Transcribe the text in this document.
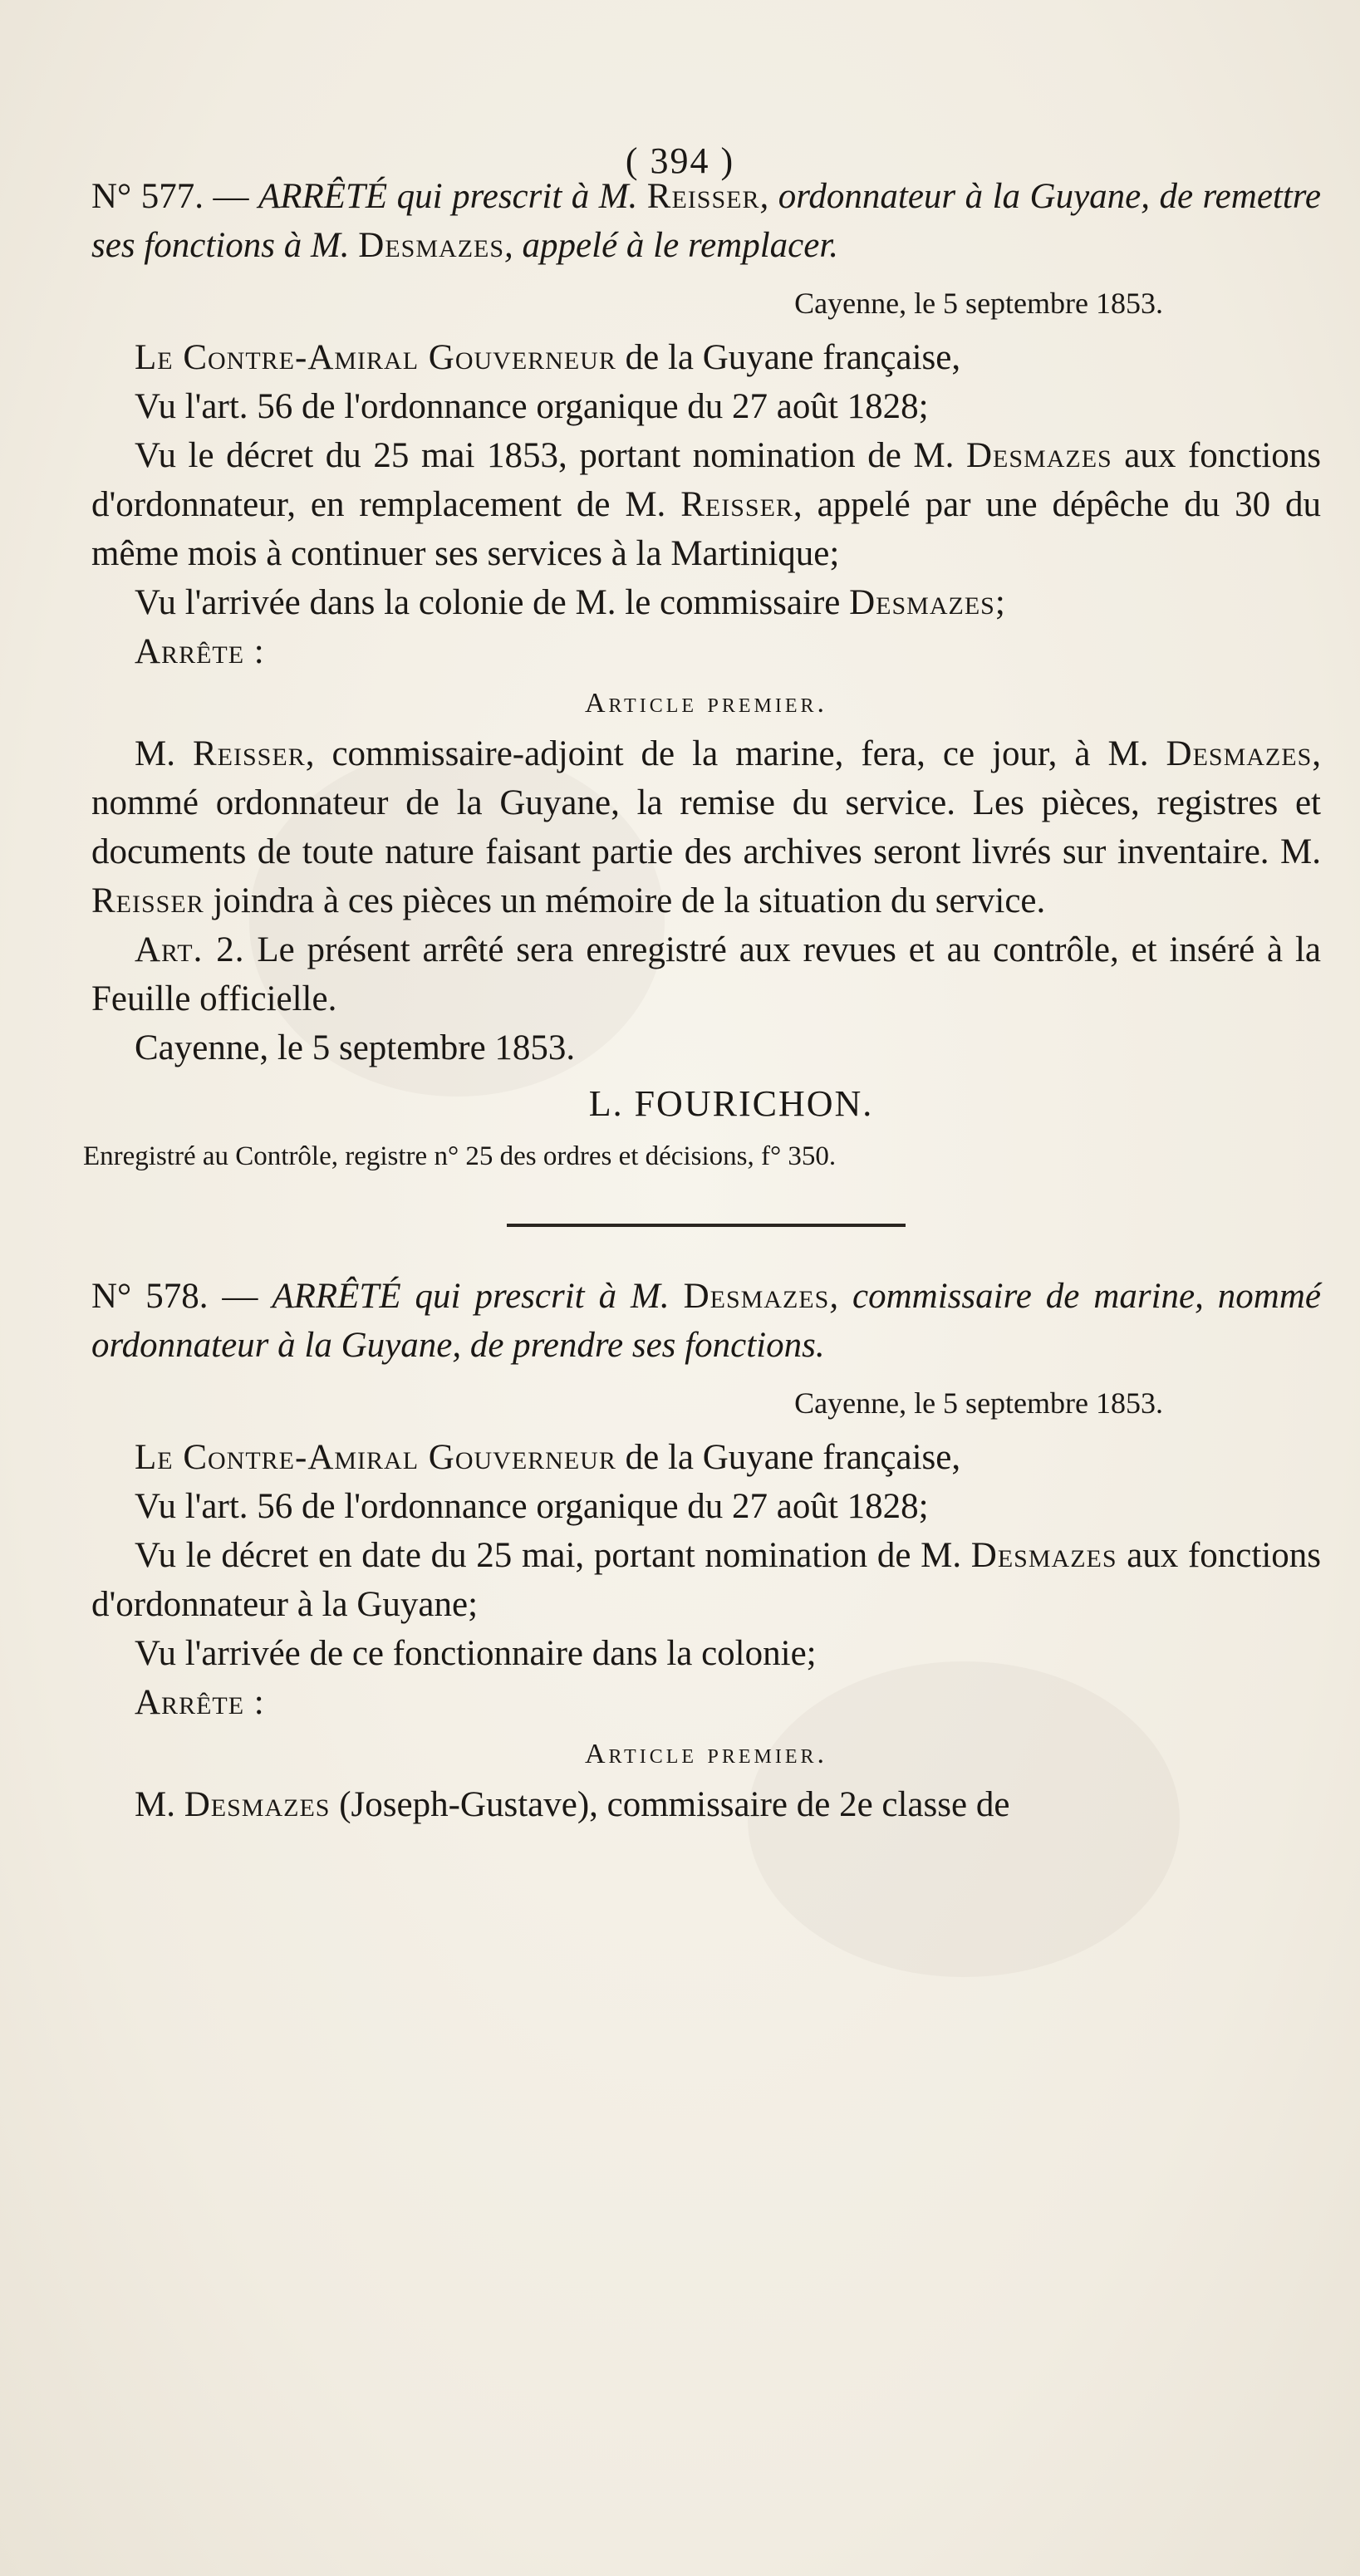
( 394 )

N° 577. — ARRÊTÉ qui prescrit à M. Reisser, ordonnateur à la Guyane, de remettre ses fonctions à M. Desmazes, appelé à le remplacer.

Cayenne, le 5 septembre 1853.

Le Contre-Amiral Gouverneur de la Guyane française,

Vu l'art. 56 de l'ordonnance organique du 27 août 1828;

Vu le décret du 25 mai 1853, portant nomination de M. Desmazes aux fonctions d'ordonnateur, en remplacement de M. Reisser, appelé par une dépêche du 30 du même mois à continuer ses services à la Martinique;

Vu l'arrivée dans la colonie de M. le commissaire Desmazes;

Arrête :

Article premier.

M. Reisser, commissaire-adjoint de la marine, fera, ce jour, à M. Desmazes, nommé ordonnateur de la Guyane, la remise du service. Les pièces, registres et documents de toute nature faisant partie des archives seront livrés sur inventaire. M. Reisser joindra à ces pièces un mémoire de la situation du service.

Art. 2. Le présent arrêté sera enregistré aux revues et au contrôle, et inséré à la Feuille officielle.

Cayenne, le 5 septembre 1853.

L. FOURICHON.

Enregistré au Contrôle, registre n° 25 des ordres et décisions, f° 350.

N° 578. — ARRÊTÉ qui prescrit à M. Desmazes, commissaire de marine, nommé ordonnateur à la Guyane, de prendre ses fonctions.

Cayenne, le 5 septembre 1853.

Le Contre-Amiral Gouverneur de la Guyane française,

Vu l'art. 56 de l'ordonnance organique du 27 août 1828;

Vu le décret en date du 25 mai, portant nomination de M. Desmazes aux fonctions d'ordonnateur à la Guyane;

Vu l'arrivée de ce fonctionnaire dans la colonie;

Arrête :

Article premier.

M. Desmazes (Joseph-Gustave), commissaire de 2e classe de
